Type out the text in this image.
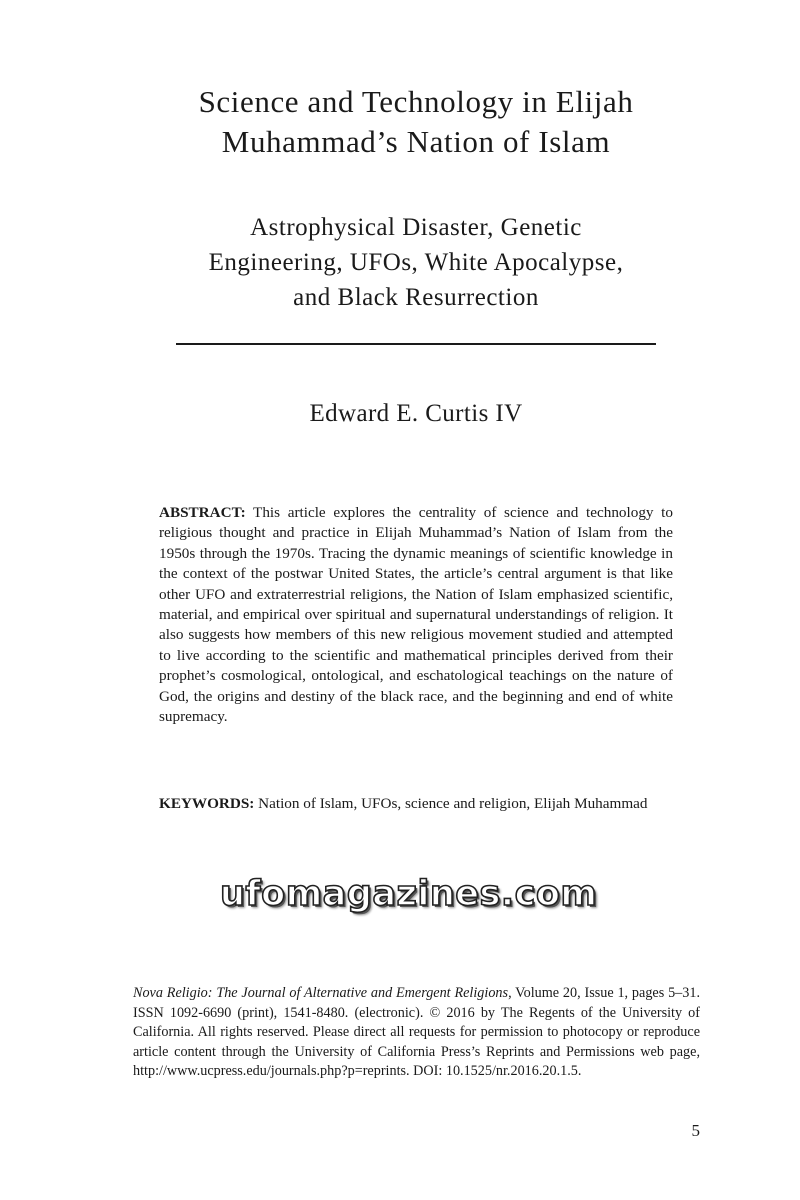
Science and Technology in Elijah
Muhammad’s Nation of Islam
Astrophysical Disaster, Genetic
Engineering, UFOs, White Apocalypse,
and Black Resurrection
Edward E. Curtis IV

ABSTRACT: This article explores the centrality of science and technology to religious thought and practice in Elijah Muhammad’s Nation of Islam from the 1950s through the 1970s. Tracing the dynamic meanings of scientific knowledge in the context of the postwar United States, the article’s central argument is that like other UFO and extraterrestrial religions, the Nation of Islam emphasized scientific, material, and empirical over spiritual and supernatural understandings of religion. It also suggests how members of this new religious movement studied and attempted to live according to the scientific and mathematical principles derived from their prophet’s cosmological, ontological, and eschatological teachings on the nature of God, the origins and destiny of the black race, and the beginning and end of white supremacy.

KEYWORDS: Nation of Islam, UFOs, science and religion, Elijah Muhammad

ufomagazines.com

Nova Religio: The Journal of Alternative and Emergent Religions, Volume 20, Issue 1, pages 5–31. ISSN 1092-6690 (print), 1541-8480. (electronic). © 2016 by The Regents of the University of California. All rights reserved. Please direct all requests for permission to photocopy or reproduce article content through the University of California Press’s Reprints and Permissions web page, http://www.ucpress.edu/journals.php?p=reprints. DOI: 10.1525/nr.2016.20.1.5.

5
